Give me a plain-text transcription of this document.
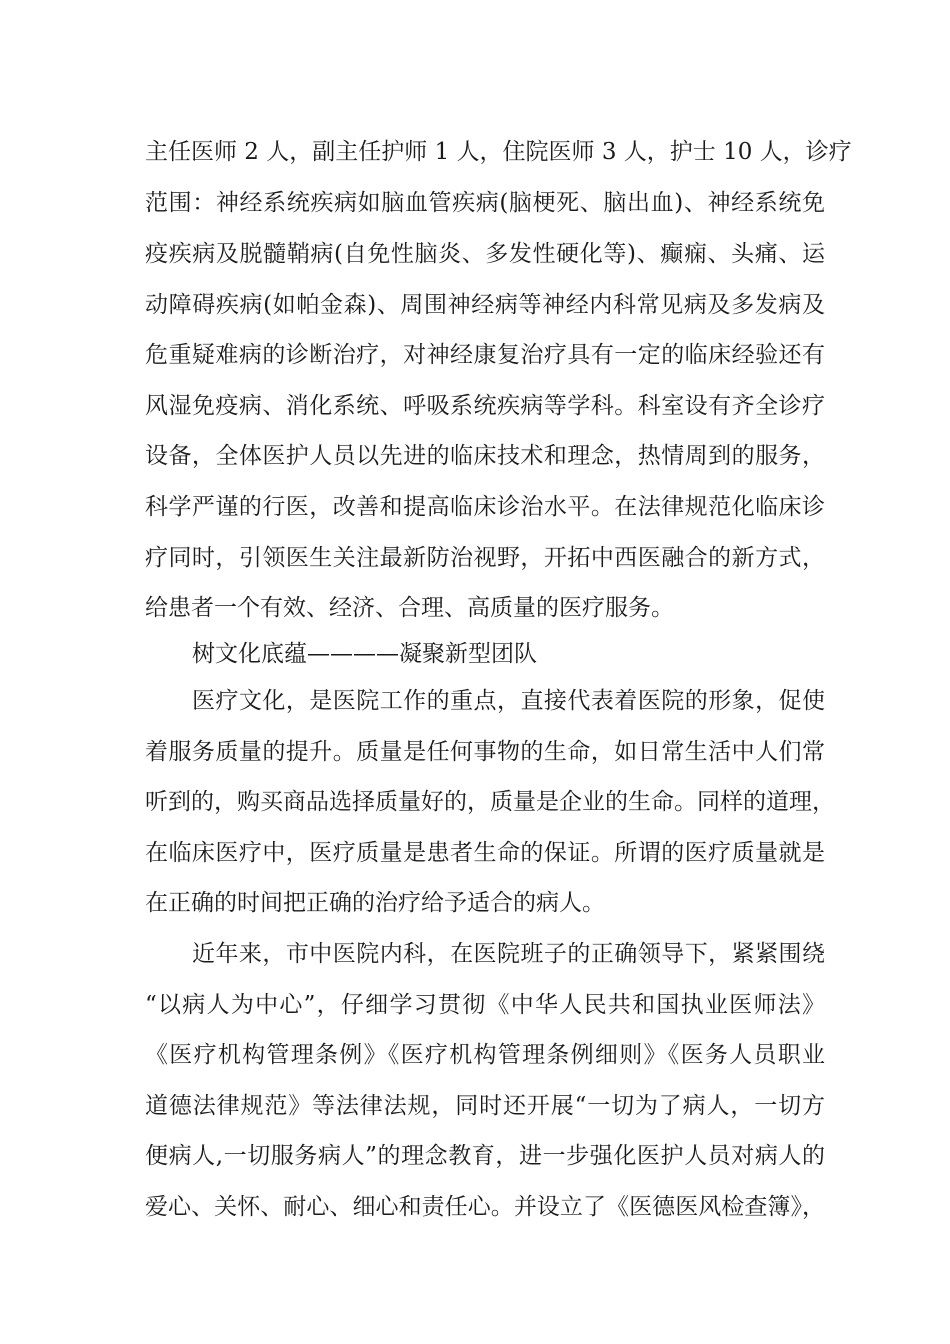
主任医师 2 人，副主任护师 1 人，住院医师 3 人，护士 10 人，诊疗
范围：神经系统疾病如脑血管疾病(脑梗死、脑出血)、神经系统免
疫疾病及脱髓鞘病(自免性脑炎、多发性硬化等)、癫痫、头痛、运
动障碍疾病(如帕金森)、周围神经病等神经内科常见病及多发病及
危重疑难病的诊断治疗，对神经康复治疗具有一定的临床经验还有
风湿免疫病、消化系统、呼吸系统疾病等学科。科室设有齐全诊疗
设备，全体医护人员以先进的临床技术和理念，热情周到的服务，
科学严谨的行医，改善和提高临床诊治水平。在法律规范化临床诊
疗同时，引领医生关注最新防治视野，开拓中西医融合的新方式，
给患者一个有效、经济、合理、高质量的医疗服务。
树文化底蕴————凝聚新型团队
医疗文化，是医院工作的重点，直接代表着医院的形象，促使
着服务质量的提升。质量是任何事物的生命，如日常生活中人们常
听到的，购买商品选择质量好的，质量是企业的生命。同样的道理，
在临床医疗中，医疗质量是患者生命的保证。所谓的医疗质量就是
在正确的时间把正确的治疗给予适合的病人。
近年来，市中医院内科，在医院班子的正确领导下，紧紧围绕
“以病人为中心”，仔细学习贯彻《中华人民共和国执业医师法》
《医疗机构管理条例》《医疗机构管理条例细则》《医务人员职业
道德法律规范》等法律法规，同时还开展“一切为了病人，一切方
便病人,一切服务病人”的理念教育，进一步强化医护人员对病人的
爱心、关怀、耐心、细心和责任心。并设立了《医德医风检查簿》，
